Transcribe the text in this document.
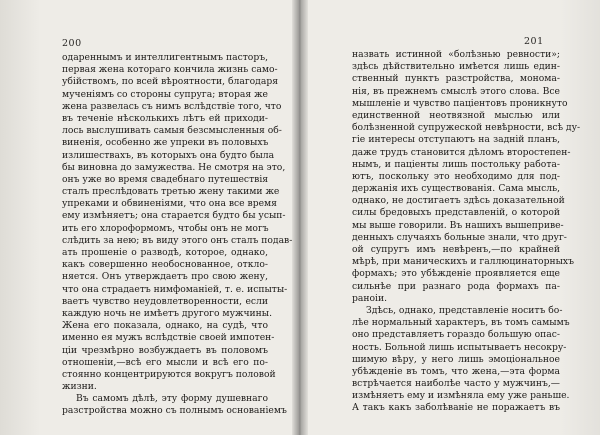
200
одареннымъ и интеллигентнымъ пасторъ,
первая жена котораго кончила жизнь само-
убійствомъ, по всей вѣроятности, благодаря
мученіямъ со стороны супруга; вторая же
жена развелась съ нимъ вслѣдствіе того, что
въ теченіе нѣсколькихъ лѣтъ ей приходи-
лось выслушивать самыя безсмысленныя об-
виненія, особенно же упреки въ половыхъ
излишествахъ, въ которыхъ она будто была
бы виновна до замужества. Не смотря на это,
онъ уже во время свадебнаго путешествія
сталъ преслѣдовать третью жену такими же
упреками и обвиненіями, что она все время
ему измѣняетъ; она старается будто бы усып-
ить его хлороформомъ, чтобы онъ не могъ
слѣдить за нею; въ виду этого онъ сталъ подав-
ать прошеніе о разводѣ, которое, однако,
какъ совершенно необоснованное, откло-
няется. Онъ утверждаетъ про свою жену,
что она страдаетъ нимфоманіей, т. е. испыты-
ваетъ чувство неудовлетворенности, если
каждую ночь не имѣетъ другого мужчины.
Жена его показала, однако, на судѣ, что
именно ея мужъ вслѣдствіе своей импотен-
ціи чрезмѣрно возбуждаетъ въ половомъ
отношеніи,—всѣ его мысли и всѣ его по-
стоянно концентрируются вокругъ половой
жизни.
Въ самомъ дѣлѣ, эту форму душевнаго
разстройства можно съ полнымъ основаніемъ
201
назвать истинной «болѣзнью ревности»;
здѣсь дѣйствительно имѣется лишь един-
ственный пунктъ разстройства, мономa-
нія, въ прежнемъ смыслѣ этого слова. Все
мышленіе и чувство паціентовъ проникнуто
единственной неотвязной мыслью или
болѣзненной супружеской невѣрности, всѣ ду-
гіе интересы отступаютъ на задній планъ,
даже трудъ становится дѣломъ второстепен-
нымъ, и паціенты лишь постольку работа-
ютъ, поскольку это необходимо для под-
держанія ихъ существованія. Сама мысль,
однако, не достигаетъ здѣсь доказательной
силы бредовыхъ представленій, о которой
мы выше говорили. Въ нашихъ вышеприве-
денныхъ случаяхъ больные знали, что друг-
ой супругъ имъ невѣренъ,—по крайней
мѣрѣ, при маническихъ и галлюцинаторныхъ
формахъ; это убѣжденіе проявляется еще
сильнѣе при разнаго рода формахъ па-
раноіи.
Здѣсь, однако, представленіе носитъ бо-
лѣе нормальный характеръ, въ томъ самымъ
оно представляетъ гораздо большую опас-
ность. Больной лишь испытываетъ несокру-
шимую вѣру, у него лишь эмоціональное
убѣжденіе въ томъ, что жена,—эта форма
встрѣчается наиболѣе часто у мужчинъ,—
измѣняетъ ему и измѣняла ему уже раньше.
А такъ какъ заболѣваніе не поражаетъ въ
